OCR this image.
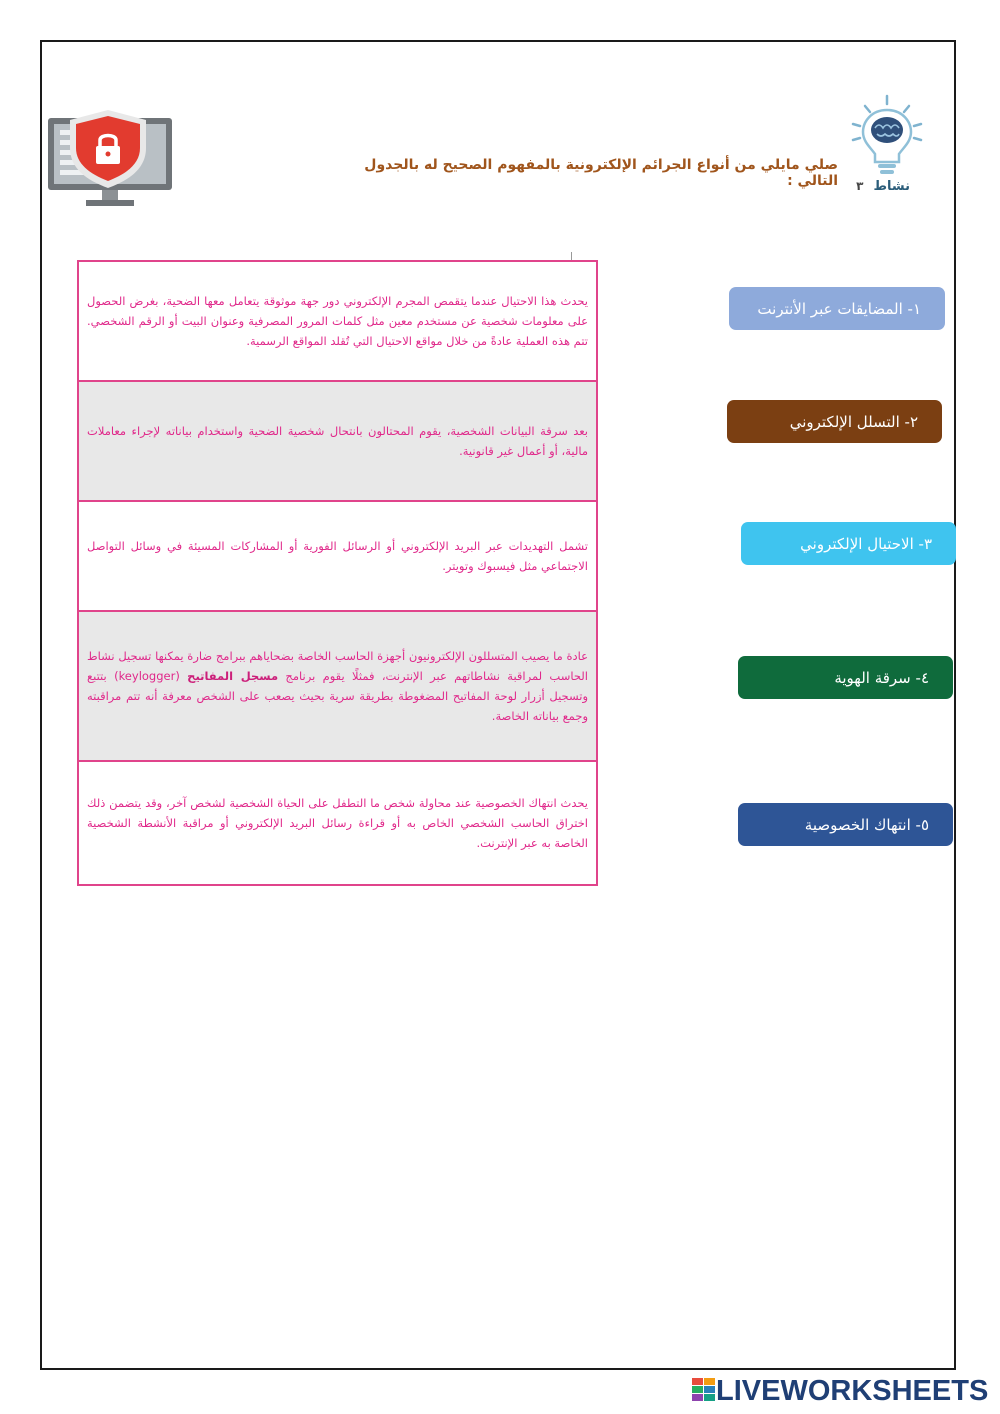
نشاط
٣
صلي مايلي من أنواع الجرائم الإلكترونية بالمفهوم الصحيح له بالجدول التالي :
يحدث هذا الاحتيال عندما يتقمص المجرم الإلكتروني دور جهة موثوقة يتعامل معها الضحية، بغرض الحصول على معلومات شخصية عن مستخدم معين مثل كلمات المرور المصرفية وعنوان البيت أو الرقم الشخصي. تتم هذه العملية عادةً من خلال مواقع الاحتيال التي تُقلد المواقع الرسمية.
بعد سرقة البيانات الشخصية، يقوم المحتالون بانتحال شخصية الضحية واستخدام بياناته لإجراء معاملات مالية، أو أعمال غير قانونية.
تشمل التهديدات عبر البريد الإلكتروني أو الرسائل الفورية أو المشاركات المسيئة في وسائل التواصل الاجتماعي مثل فيسبوك وتويتر.
عادة ما يصيب المتسللون الإلكترونيون أجهزة الحاسب الخاصة بضحاياهم ببرامج ضارة يمكنها تسجيل نشاط الحاسب لمراقبة نشاطاتهم عبر الإنترنت، فمثلًا يقوم برنامج مسجل المفاتيح (keylogger) بتتبع وتسجيل أزرار لوحة المفاتيح المضغوطة بطريقة سرية بحيث يصعب على الشخص معرفة أنه تتم مراقبته وجمع بياناته الخاصة.
يحدث انتهاك الخصوصية عند محاولة شخص ما التطفل على الحياة الشخصية لشخص آخر، وقد يتضمن ذلك اختراق الحاسب الشخصي الخاص به أو قراءة رسائل البريد الإلكتروني أو مراقبة الأنشطة الشخصية الخاصة به عبر الإنترنت.
١- المضايقات عبر الأنترنت
٢- التسلل الإلكتروني
٣- الاحتيال الإلكتروني
٤- سرقة الهوية
٥- انتهاك الخصوصية
LIVEWORKSHEETS
